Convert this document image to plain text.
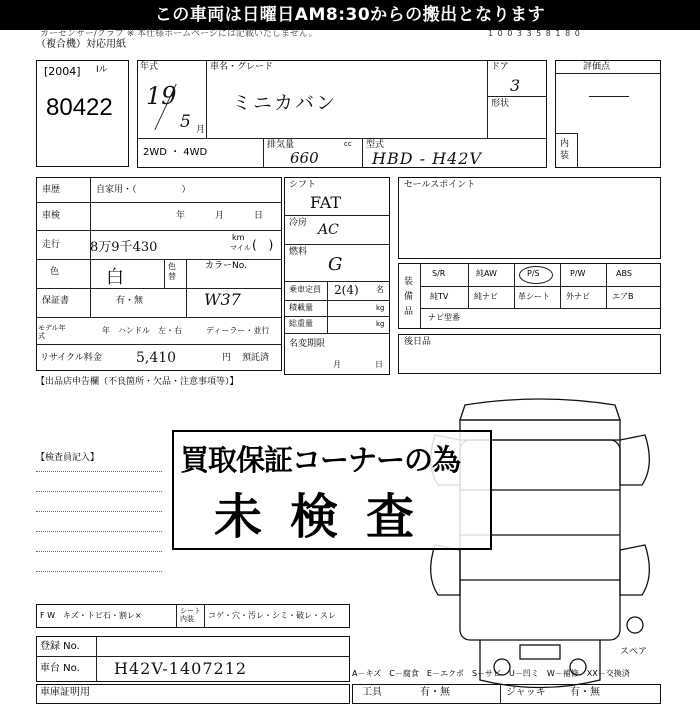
この車両は日曜日AM8:30からの搬出となります
カーセンサー/クラブ ※ 本仕様ホームページには記載いたしません。	1 0 0 3 3 5 8 1 8 0
（複合機）対応用紙
[2004] Iル
80422
年式
19
5 月
車名・グレード
ミニカバン
ドア
3
形状
2WD ・ 4WD
排気量	cc
660
型式
HBD - H42V
評価点
内装
車歴	自家用・（　　　　　）
車検	年　　月　　日
走行 8万9千430
km
マイル (　)
色	白
色替
カラーNo.
W37
保証書	有・無
モデル年式
年 ハンドル　左・右	ディーラー・並行
リサイクル料金 5,410	円 預託済
シフト
FAT
冷房 AC
燃料
G
乗車定員 2(4) 名
積載量	kg
総重量	kg
名変期限
月　　日
セールスポイント
装備品
S/R	純AW	P/S	P/W	ABS
純TV	純ナビ	革シート 外ナビ	エアB
ナビ型番
後日品
【出品店申告欄（不良箇所・欠品・注意事項等）】
【検査員記入】	買取保証コーナーの為
未検査
F W　キズ・トビ石・割レ×	シート内装	コゲ・穴・汚レ・シミ・破レ・スレ
登録 No.
車台 No. H42V-1407212
車庫証明用
A－キズ　C－腐食　E－エクボ　S－サビ　U－凹ミ　W－補修　XX－交換済
スペア
工具	有・無	ジャッキ 有・無
